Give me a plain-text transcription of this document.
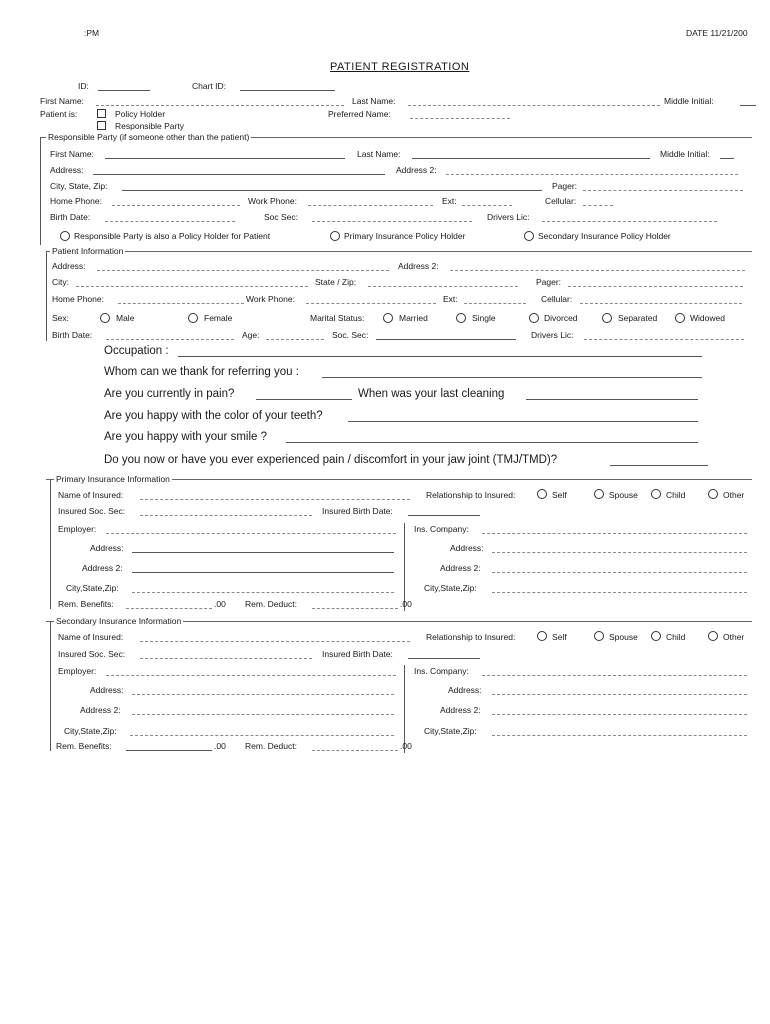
:PM	DATE 11/21/200
PATIENT REGISTRATION
ID:	Chart ID:
First Name:	Last Name:	Middle Initial:
Patient is:	Policy Holder
Responsible Party
Preferred Name:
Responsible Party (if someone other than the patient)
First Name:	Last Name:	Middle Initial:
Address:	Address 2:
City, State, Zip:	Pager:
Home Phone:	Work Phone:	Ext:	Cellular:
Birth Date:	Soc Sec:	Drivers Lic:
Responsible Party is also a Policy Holder for Patient	Primary Insurance Policy Holder	Secondary Insurance Policy Holder
Patient Information
Address:	Address 2:
City:	State / Zip:	Pager:
Home Phone:	Work Phone:	Ext:	Cellular:
Sex:	Male	Female	Marital Status:	Married	Single	Divorced	Separated	Widowed
Birth Date:	Age:	Soc. Sec:	Drivers Lic:
Occupation :
Whom can we thank for referring you :
Are you currently in pain?	When was your last cleaning
Are you happy with the color of your teeth?
Are you happy with your smile ?
Do you now or have you ever experienced pain / discomfort in your jaw joint (TMJ/TMD)?
Primary Insurance Information
Name of Insured:	Relationship to Insured:	Self	Spouse	Child	Other
Insured Soc. Sec:	Insured Birth Date:
Employer:	Ins. Company:
Address:	Address:
Address 2:	Address 2:
City,State,Zip:	City,State,Zip:
Rem. Benefits:	.00 Rem. Deduct:	.00
Secondary Insurance Information
Name of Insured:	Relationship to Insured:	Self	Spouse	Child	Other
Insured Soc. Sec:	Insured Birth Date:
Employer:	Ins. Company:
Address:	Address:
Address 2:	Address 2:
City,State,Zip:	City,State,Zip:
Rem. Benefits:	.00 Rem. Deduct:	.00
